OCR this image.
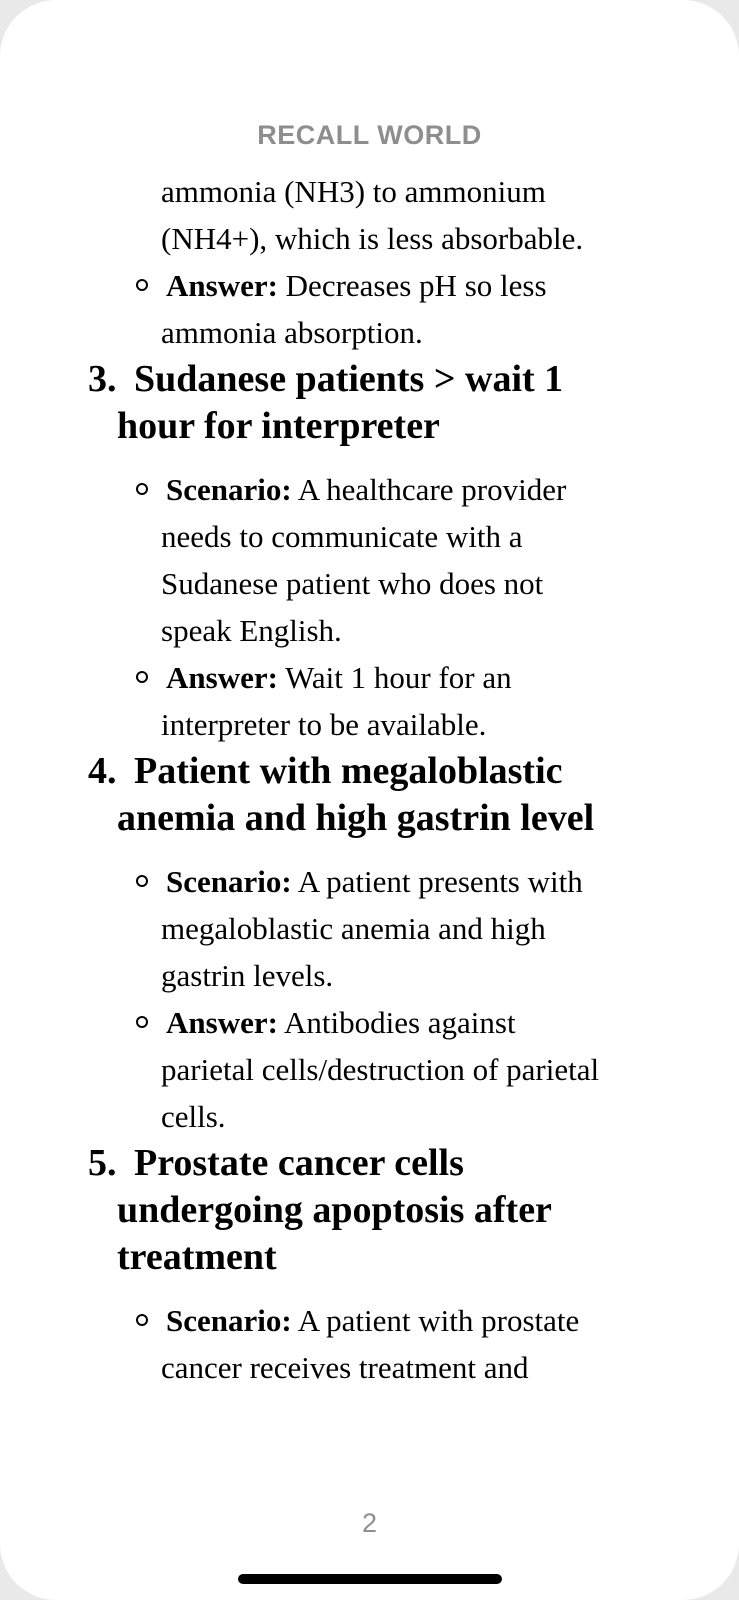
RECALL WORLD
ammonia (NH3) to ammonium
(NH4+), which is less absorbable.
Answer: Decreases pH so less
ammonia absorption.
3. Sudanese patients > wait 1
hour for interpreter
Scenario: A healthcare provider
needs to communicate with a
Sudanese patient who does not
speak English.
Answer: Wait 1 hour for an
interpreter to be available.
4. Patient with megaloblastic
anemia and high gastrin level
Scenario: A patient presents with
megaloblastic anemia and high
gastrin levels.
Answer: Antibodies against
parietal cells/destruction of parietal
cells.
5. Prostate cancer cells
undergoing apoptosis after
treatment
Scenario: A patient with prostate
cancer receives treatment and
2
